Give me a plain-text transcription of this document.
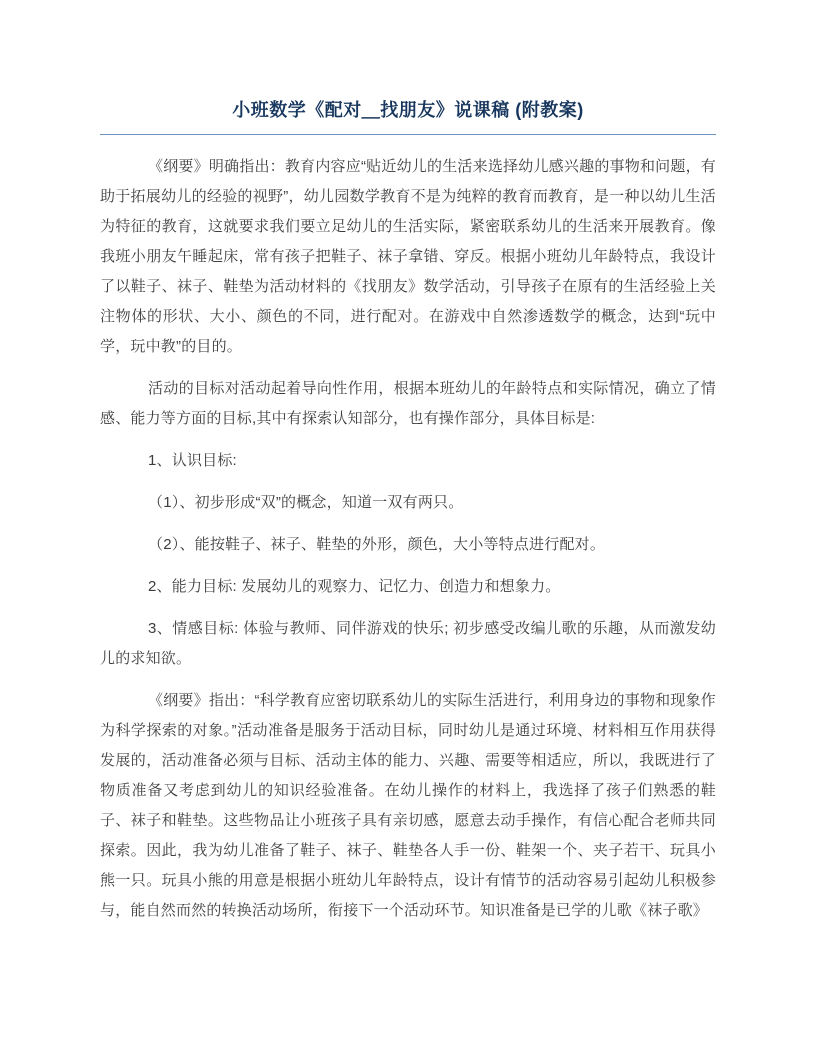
小班数学《配对＿找朋友》说课稿 (附教案)

《纲要》明确指出：教育内容应“贴近幼儿的生活来选择幼儿感兴趣的事物和问题，有助于拓展幼儿的经验的视野”，幼儿园数学教育不是为纯粹的教育而教育，是一种以幼儿生活为特征的教育，这就要求我们要立足幼儿的生活实际，紧密联系幼儿的生活来开展教育。像我班小朋友午睡起床，常有孩子把鞋子、袜子拿错、穿反。根据小班幼儿年龄特点，我设计了以鞋子、袜子、鞋垫为活动材料的《找朋友》数学活动，引导孩子在原有的生活经验上关注物体的形状、大小、颜色的不同，进行配对。在游戏中自然渗透数学的概念，达到“玩中学，玩中教”的目的。

活动的目标对活动起着导向性作用，根据本班幼儿的年龄特点和实际情况，确立了情感、能力等方面的目标,其中有探索认知部分，也有操作部分，具体目标是:

1、认识目标:

（1）、初步形成“双”的概念，知道一双有两只。

（2）、能按鞋子、袜子、鞋垫的外形，颜色，大小等特点进行配对。

2、能力目标: 发展幼儿的观察力、记忆力、创造力和想象力。

3、情感目标: 体验与教师、同伴游戏的快乐; 初步感受改编儿歌的乐趣，从而激发幼儿的求知欲。

《纲要》指出：“科学教育应密切联系幼儿的实际生活进行，利用身边的事物和现象作为科学探索的对象。”活动准备是服务于活动目标，同时幼儿是通过环境、材料相互作用获得发展的，活动准备必须与目标、活动主体的能力、兴趣、需要等相适应，所以，我既进行了物质准备又考虑到幼儿的知识经验准备。在幼儿操作的材料上，我选择了孩子们熟悉的鞋子、袜子和鞋垫。这些物品让小班孩子具有亲切感，愿意去动手操作，有信心配合老师共同探索。因此，我为幼儿准备了鞋子、袜子、鞋垫各人手一份、鞋架一个、夹子若干、玩具小熊一只。玩具小熊的用意是根据小班幼儿年龄特点，设计有情节的活动容易引起幼儿积极参与，能自然而然的转换活动场所，衔接下一个活动环节。知识准备是已学的儿歌《袜子歌》
